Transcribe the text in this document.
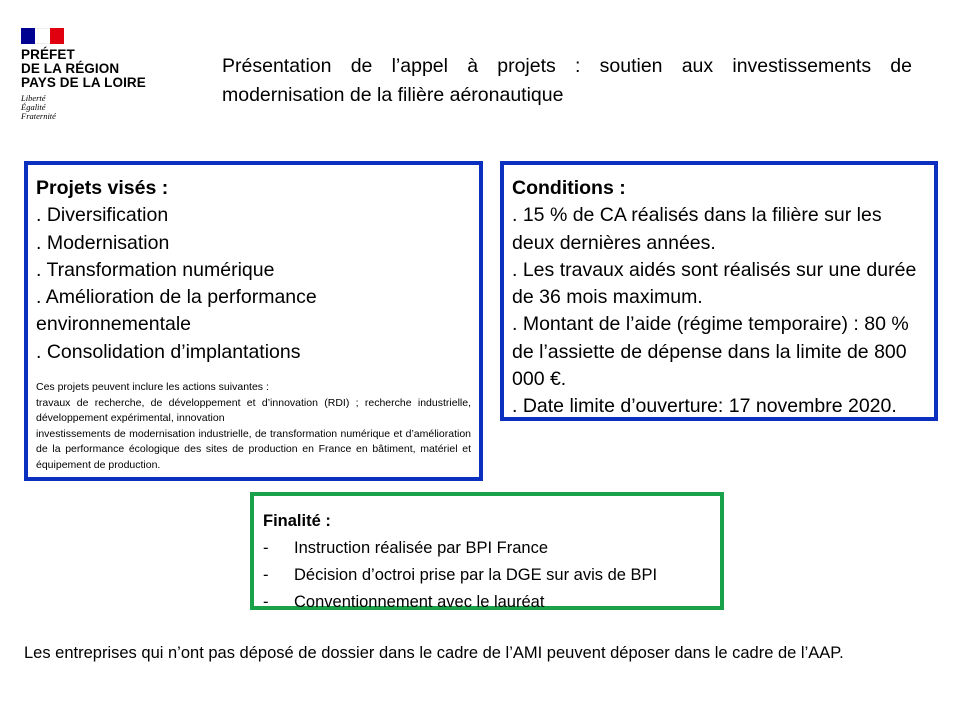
PRÉFET
DE LA RÉGION
PAYS DE LA LOIRE
Liberté
Égalité
Fraternité
Présentation de l’appel à projets : soutien aux investissements de modernisation de la filière aéronautique
Projets visés :
. Diversification
. Modernisation
. Transformation numérique
. Amélioration de la performance environnementale
. Consolidation d’implantations
Ces projets peuvent inclure les actions suivantes :
travaux de recherche, de développement et d’innovation (RDI) ; recherche industrielle, développement expérimental, innovation
investissements de modernisation industrielle, de transformation numérique et d’amélioration de la performance écologique des sites de production en France en bâtiment, matériel et équipement de production.
Conditions :
. 15 % de CA réalisés dans la filière sur les deux dernières années.
. Les travaux aidés sont réalisés sur une durée de 36 mois maximum.
. Montant de l’aide (régime temporaire) : 80 % de l’assiette de dépense dans la limite de 800 000 €.
. Date limite d’ouverture: 17 novembre 2020.
Finalité :
-	Instruction réalisée par BPI France
-	Décision d’octroi prise par la DGE sur avis de BPI
-	Conventionnement avec le lauréat
Les entreprises qui n’ont pas déposé de dossier dans le cadre de l’AMI peuvent déposer dans le cadre de l’AAP.
